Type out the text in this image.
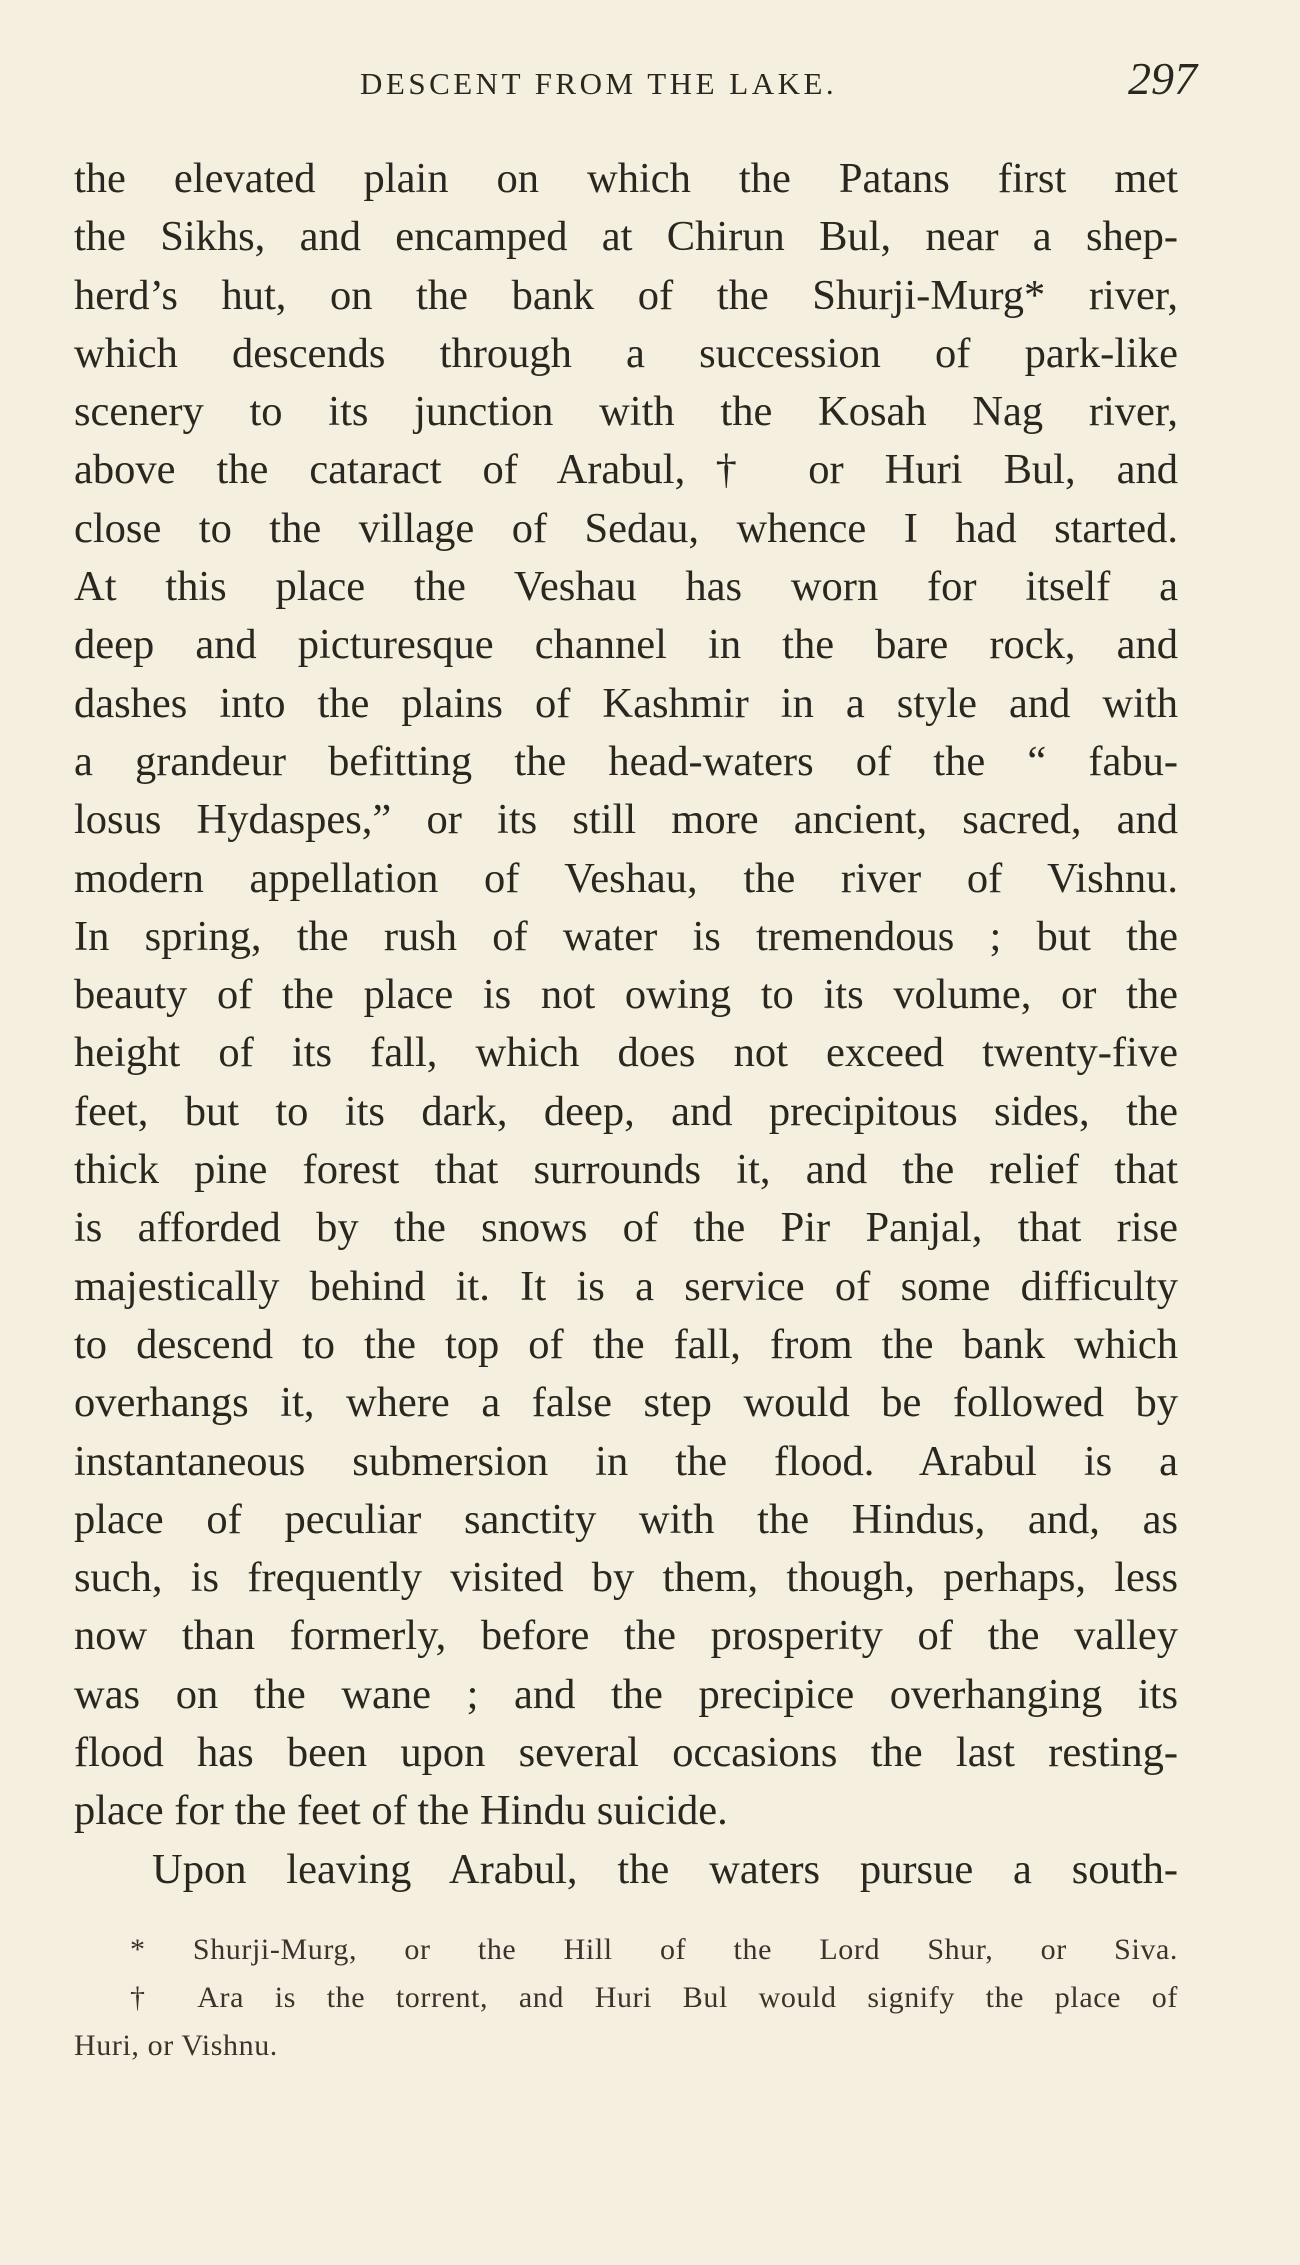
DESCENT FROM THE LAKE.	297
the elevated plain on which the Patans first met
the Sikhs, and encamped at Chirun Bul, near a shep-
herd’s hut, on the bank of the Shurji-Murg* river,
which descends through a succession of park-like
scenery to its junction with the Kosah Nag river,
above the cataract of Arabul,† or Huri Bul, and
close to the village of Sedau, whence I had started.
At this place the Veshau has worn for itself a
deep and picturesque channel in the bare rock, and
dashes into the plains of Kashmir in a style and with
a grandeur befitting the head-waters of the “ fabu-
losus Hydaspes,” or its still more ancient, sacred, and
modern appellation of Veshau, the river of Vishnu.
In spring, the rush of water is tremendous ; but the
beauty of the place is not owing to its volume, or the
height of its fall, which does not exceed twenty-five
feet, but to its dark, deep, and precipitous sides, the
thick pine forest that surrounds it, and the relief that
is afforded by the snows of the Pir Panjal, that rise
majestically behind it. It is a service of some difficulty
to descend to the top of the fall, from the bank which
overhangs it, where a false step would be followed by
instantaneous submersion in the flood. Arabul is a
place of peculiar sanctity with the Hindus, and, as
such, is frequently visited by them, though, perhaps, less
now than formerly, before the prosperity of the valley
was on the wane ; and the precipice overhanging its
flood has been upon several occasions the last resting-
place for the feet of the Hindu suicide.
Upon leaving Arabul, the waters pursue a south-
* Shurji-Murg, or the Hill of the Lord Shur, or Siva.
† Ara is the torrent, and Huri Bul would signify the place of
Huri, or Vishnu.
